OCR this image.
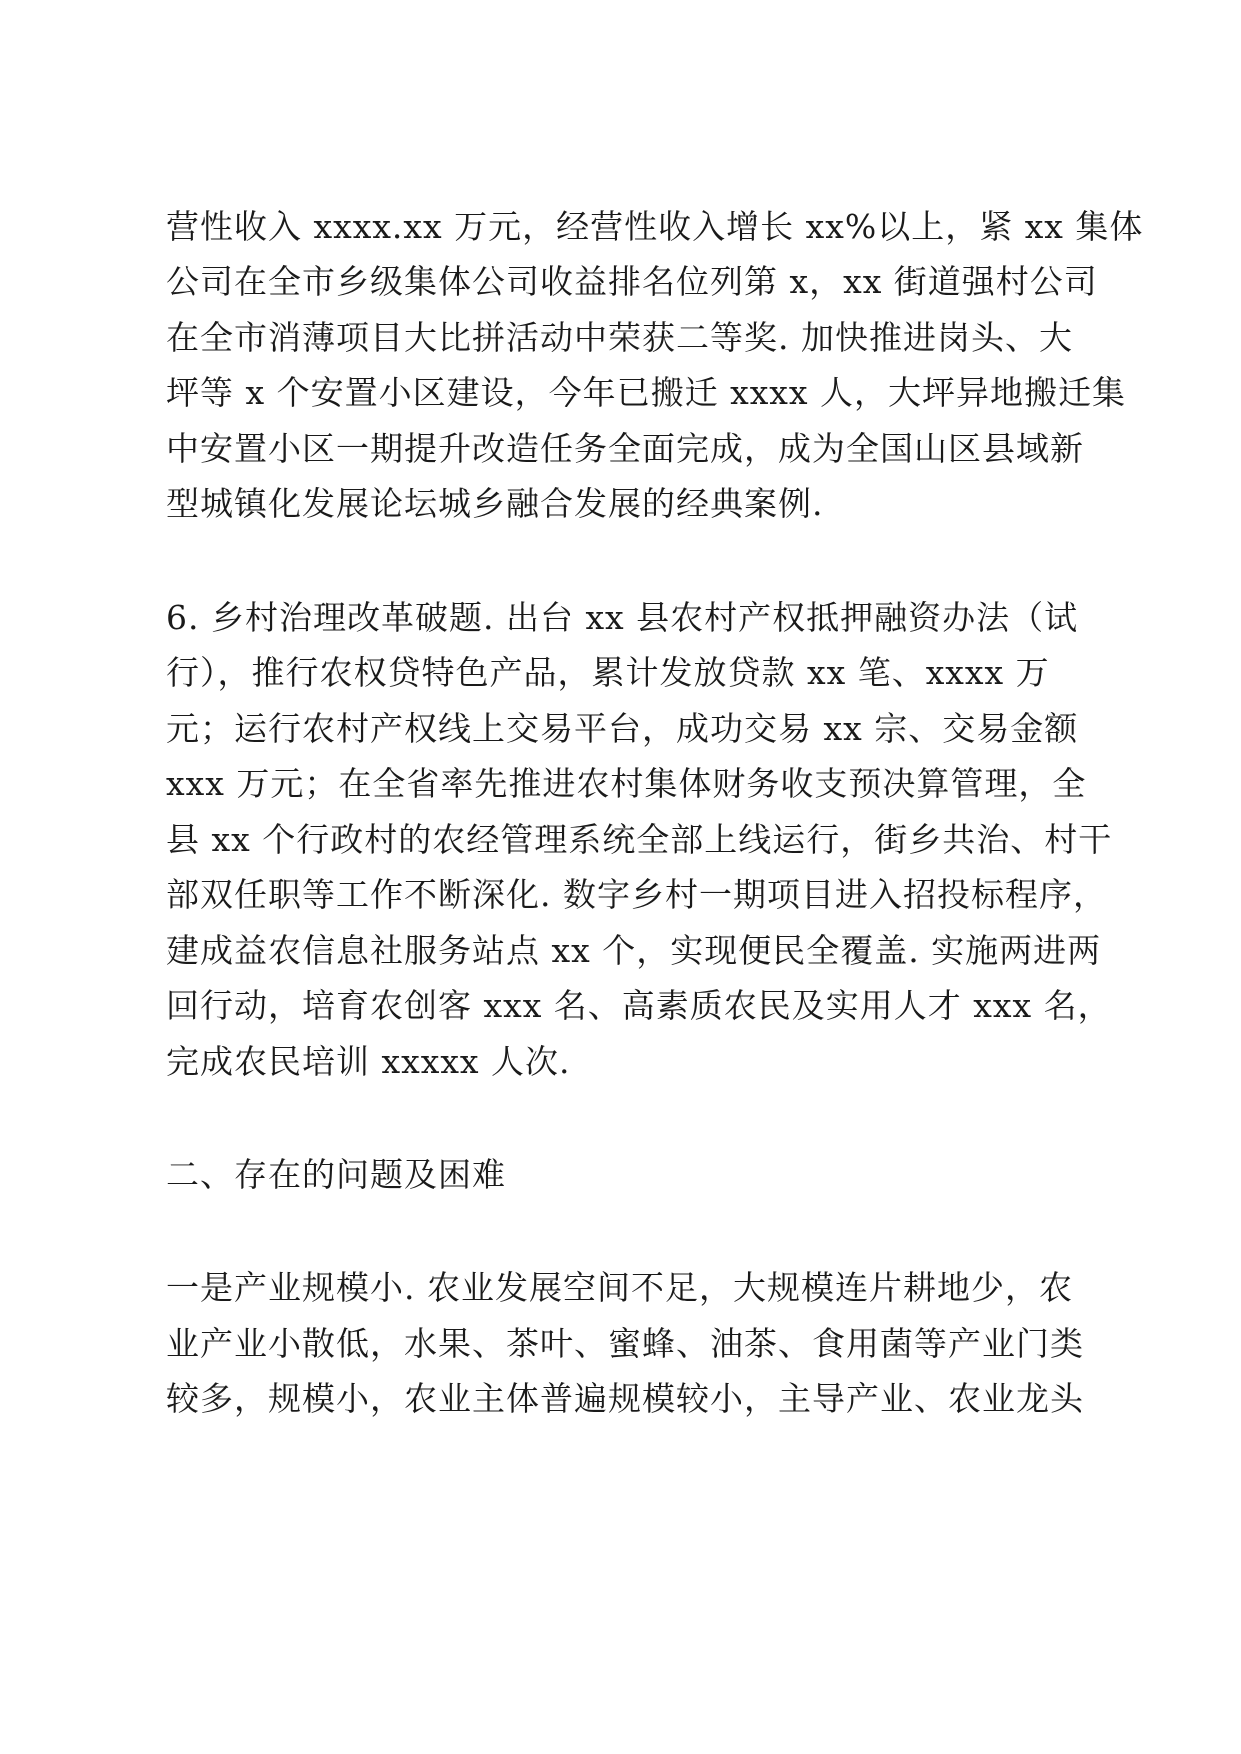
营性收入 xxxx.xx 万元，经营性收入增长 xx%以上，紧 xx 集体
公司在全市乡级集体公司收益排名位列第 x，xx 街道强村公司
在全市消薄项目大比拼活动中荣获二等奖. 加快推进岗头、大
坪等 x 个安置小区建设，今年已搬迁 xxxx 人，大坪异地搬迁集
中安置小区一期提升改造任务全面完成，成为全国山区县域新
型城镇化发展论坛城乡融合发展的经典案例.
6. 乡村治理改革破题. 出台 xx 县农村产权抵押融资办法（试
行），推行农权贷特色产品，累计发放贷款 xx 笔、xxxx 万
元；运行农村产权线上交易平台，成功交易 xx 宗、交易金额
xxx 万元；在全省率先推进农村集体财务收支预决算管理，全
县 xx 个行政村的农经管理系统全部上线运行，街乡共治、村干
部双任职等工作不断深化. 数字乡村一期项目进入招投标程序，
建成益农信息社服务站点 xx 个，实现便民全覆盖. 实施两进两
回行动，培育农创客 xxx 名、高素质农民及实用人才 xxx 名，
完成农民培训 xxxxx 人次.
二、存在的问题及困难
一是产业规模小. 农业发展空间不足，大规模连片耕地少，农
业产业小散低，水果、茶叶、蜜蜂、油茶、食用菌等产业门类
较多，规模小，农业主体普遍规模较小，主导产业、农业龙头
